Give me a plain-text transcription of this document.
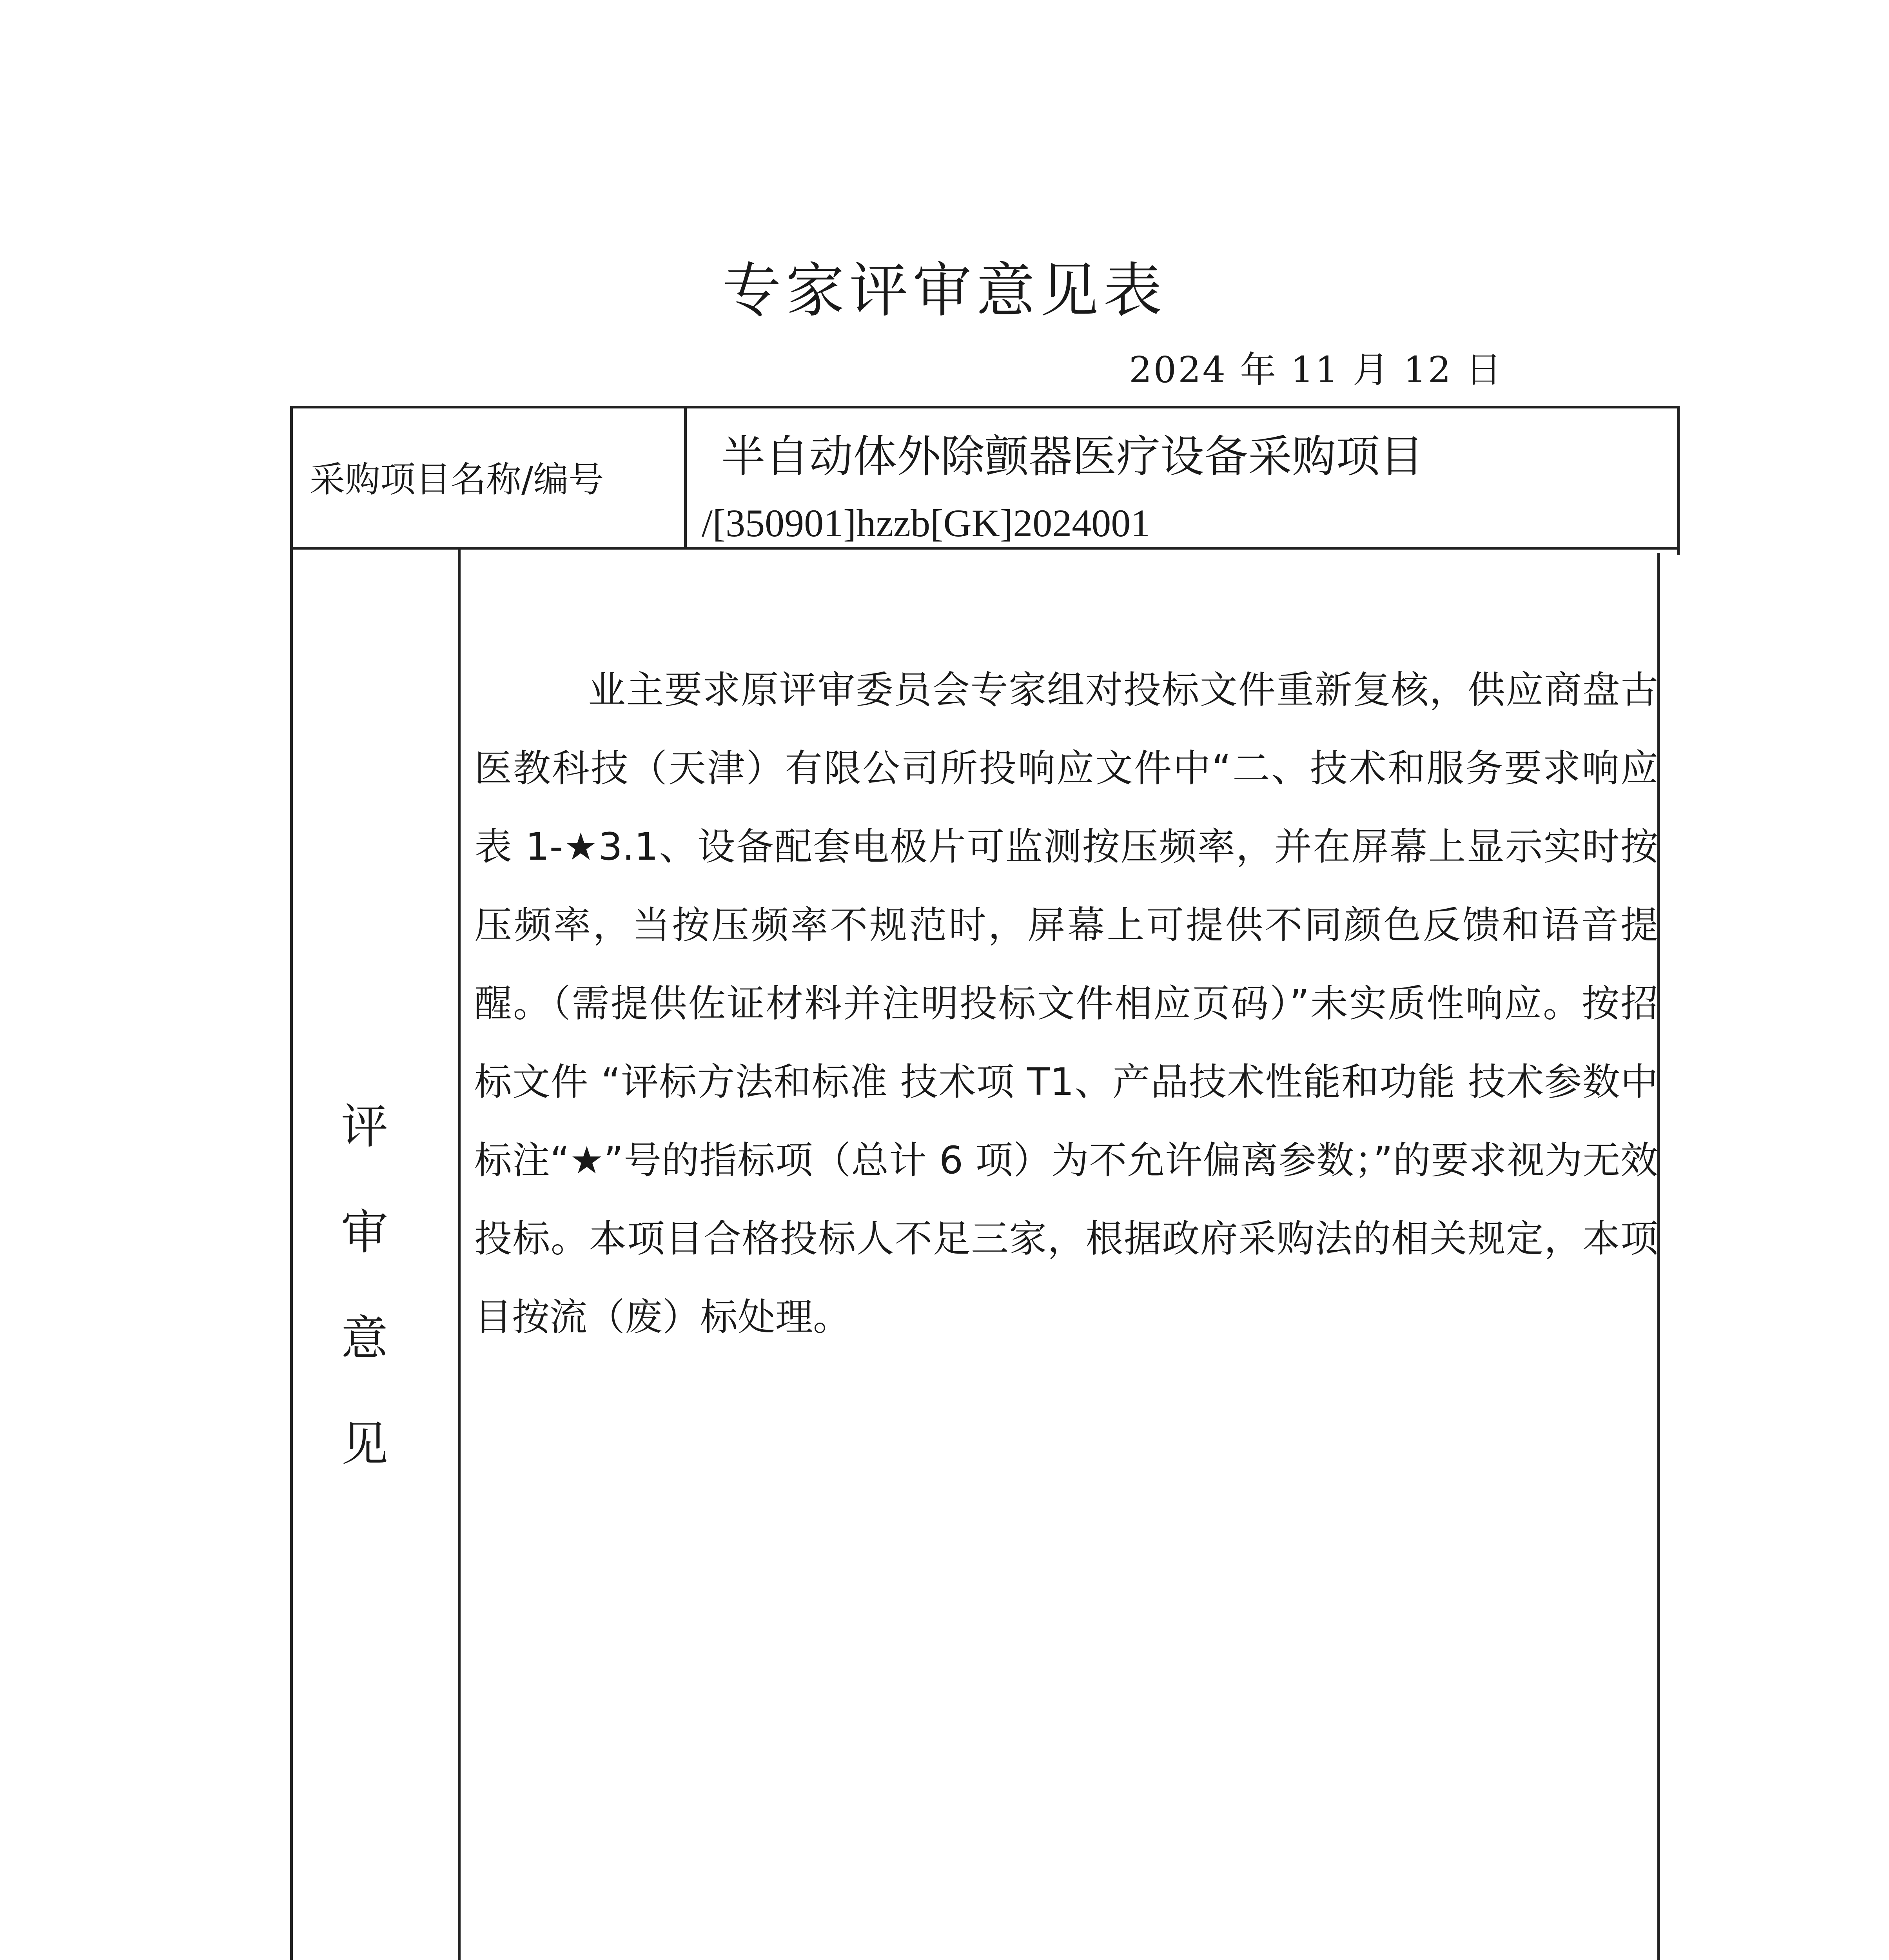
专家评审意见表
2024 年 11 月 12 日
采购项目名称/编号	半自动体外除颤器医疗设备采购项目
/[350901]hzzb[GK]2024001
评
审
意
见

业主要求原评审委员会专家组对投标文件重新复核，供应商盘古医教科技（天津）有限公司所投响应文件中“二、技术和服务要求响应表 1-★3.1、设备配套电极片可监测按压频率，并在屏幕上显示实时按压频率，当按压频率不规范时，屏幕上可提供不同颜色反馈和语音提醒。（需提供佐证材料并注明投标文件相应页码）”未实质性响应。按招标文件 “评标方法和标准 技术项 T1、产品技术性能和功能 技术参数中标注“★”号的指标项（总计 6 项）为不允许偏离参数；”的要求视为无效投标。本项目合格投标人不足三家，根据政府采购法的相关规定，本项目按流（废）标处理。
